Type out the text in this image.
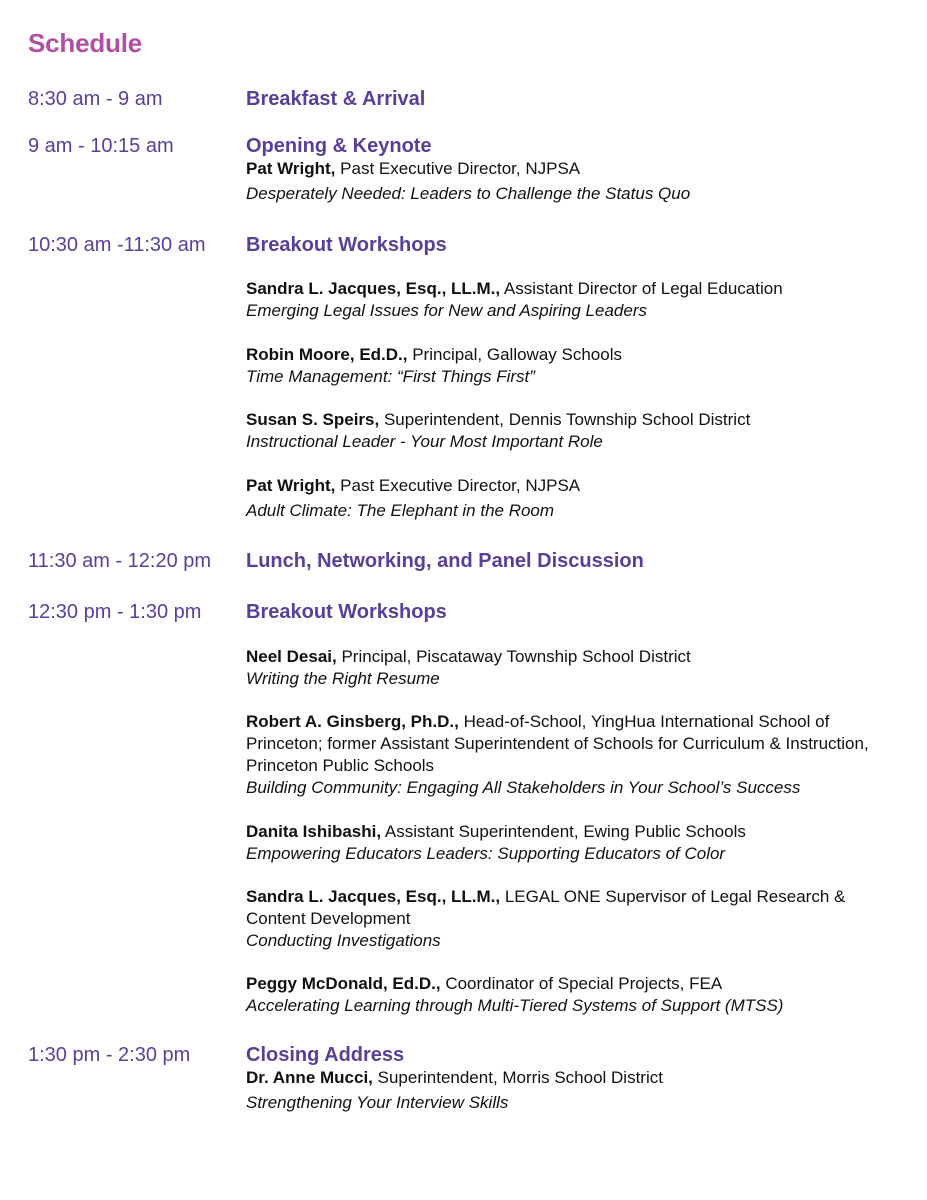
Schedule
8:30 am - 9 am	Breakfast & Arrival
9 am - 10:15 am	Opening & Keynote
Pat Wright, Past Executive Director, NJPSA
Desperately Needed: Leaders to Challenge the Status Quo
10:30 am -11:30 am Breakout Workshops
Sandra L. Jacques, Esq., LL.M., Assistant Director of Legal Education
Emerging Legal Issues for New and Aspiring Leaders
Robin Moore, Ed.D., Principal, Galloway Schools
Time Management: “First Things First”
Susan S. Speirs, Superintendent, Dennis Township School District
Instructional Leader - Your Most Important Role
Pat Wright, Past Executive Director, NJPSA
Adult Climate: The Elephant in the Room
11:30 am - 12:20 pm Lunch, Networking, and Panel Discussion
12:30 pm - 1:30 pm Breakout Workshops
Neel Desai, Principal, Piscataway Township School District
Writing the Right Resume
Robert A. Ginsberg, Ph.D., Head-of-School, YingHua International School of Princeton; former Assistant Superintendent of Schools for Curriculum & Instruction, Princeton Public Schools
Building Community: Engaging All Stakeholders in Your School’s Success
Danita Ishibashi, Assistant Superintendent, Ewing Public Schools
Empowering Educators Leaders: Supporting Educators of Color
Sandra L. Jacques, Esq., LL.M., LEGAL ONE Supervisor of Legal Research & Content Development
Conducting Investigations
Peggy McDonald, Ed.D., Coordinator of Special Projects, FEA
Accelerating Learning through Multi-Tiered Systems of Support (MTSS)
1:30 pm - 2:30 pm	Closing Address
Dr. Anne Mucci, Superintendent, Morris School District
Strengthening Your Interview Skills
